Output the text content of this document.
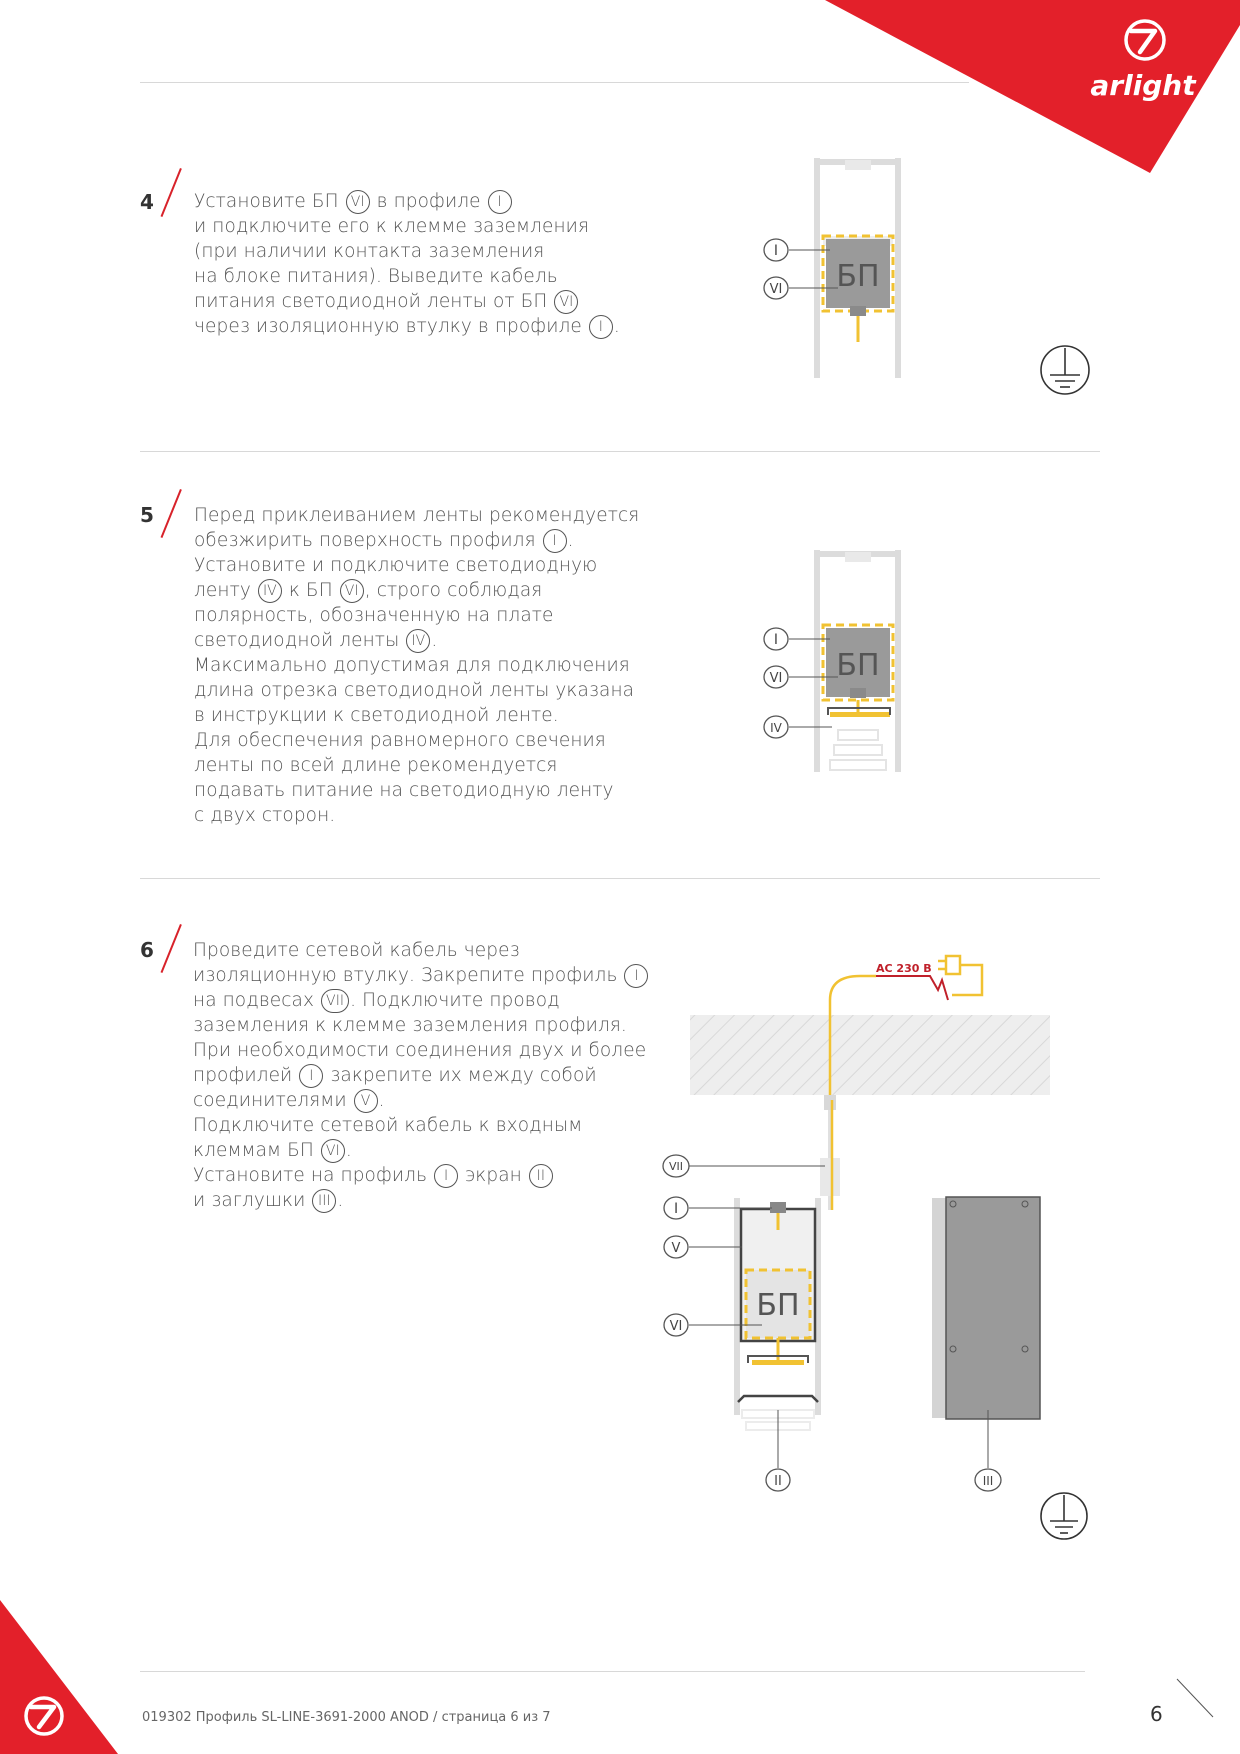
arlight ®
4 Установите БП VI в профиле I
и подключите его к клемме заземления
(при наличии контакта заземления
на блоке питания). Выведите кабель
питания светодиодной ленты от БП VI
через изоляционную втулку в профиле I .
5 Перед приклеиванием ленты рекомендуется
обезжирить поверхность профиля I .
Установите и подключите светодиодную
ленту IV к БП VI , строго соблюдая
полярность, обозначенную на плате
светодиодной ленты IV .
Максимально допустимая для подключения
длина отрезка светодиодной ленты указана
в инструкции к светодиодной ленте.
Для обеспечения равномерного свечения
ленты по всей длине рекомендуется
подавать питание на светодиодную ленту
с двух сторон.
6 Проведите сетевой кабель через
изоляционную втулку. Закрепите профиль I
на подвесах VII . Подключите провод
заземления к клемме заземления профиля.
При необходимости соединения двух и более
профилей I закрепите их между собой
соединителями V .
Подключите сетевой кабель к входным
клеммам БП VI .
Установите на профиль I экран II
и заглушки III .
БП
I
VI
БП
I
VI
IV
AC 230 В
БП
VII
I
V
VI
II	III
019302 Профиль SL-LINE-3691-2000 ANOD / страница 6 из 7	6
